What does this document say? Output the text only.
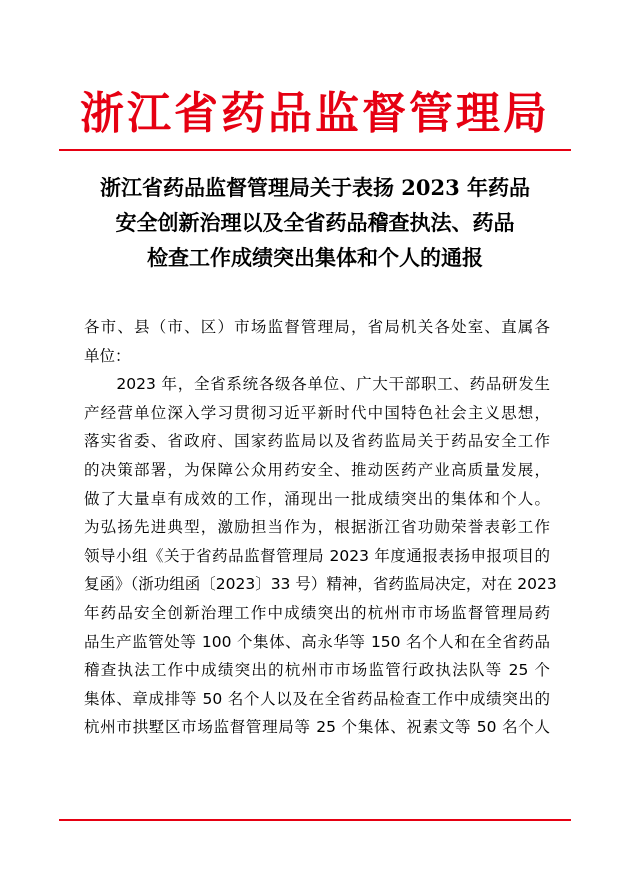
浙江省药品监督管理局
浙江省药品监督管理局关于表扬 2023 年药品
安全创新治理以及全省药品稽查执法、药品
检查工作成绩突出集体和个人的通报
各市、县（市、区）市场监督管理局，省局机关各处室、直属各
单位：
　　2023 年，全省系统各级各单位、广大干部职工、药品研发生
产经营单位深入学习贯彻习近平新时代中国特色社会主义思想，
落实省委、省政府、国家药监局以及省药监局关于药品安全工作
的决策部署，为保障公众用药安全、推动医药产业高质量发展，
做了大量卓有成效的工作，涌现出一批成绩突出的集体和个人。
为弘扬先进典型，激励担当作为，根据浙江省功勋荣誉表彰工作
领导小组《关于省药品监督管理局 2023 年度通报表扬申报项目的
复函》（浙功组函〔2023〕33 号）精神，省药监局决定，对在 2023
年药品安全创新治理工作中成绩突出的杭州市市场监督管理局药
品生产监管处等 100 个集体、高永华等 150 名个人和在全省药品
稽查执法工作中成绩突出的杭州市市场监管行政执法队等 25 个
集体、章成排等 50 名个人以及在全省药品检查工作中成绩突出的
杭州市拱墅区市场监督管理局等 25 个集体、祝素文等 50 名个人
